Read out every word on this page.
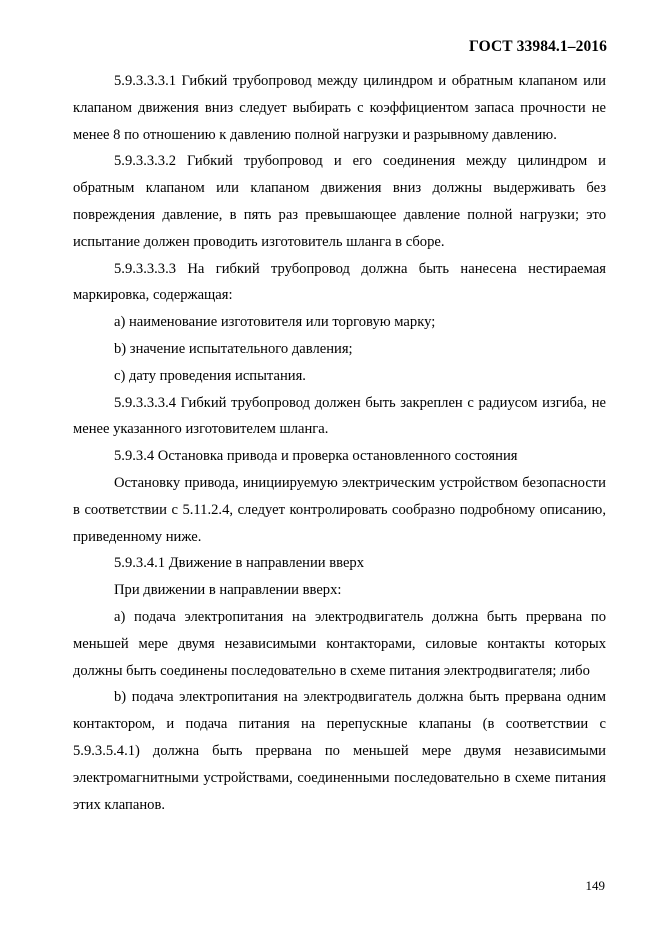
ГОСТ 33984.1–2016

5.9.3.3.3.1 Гибкий трубопровод между цилиндром и обратным клапаном или клапаном движения вниз следует выбирать с коэффициентом запаса прочности не менее 8 по отношению к давлению полной нагрузки и разрывному давлению.

5.9.3.3.3.2 Гибкий трубопровод и его соединения между цилиндром и обратным клапаном или клапаном движения вниз должны выдерживать без повреждения давление, в пять раз превышающее давление полной нагрузки; это испытание должен проводить изготовитель шланга в сборе.

5.9.3.3.3.3 На гибкий трубопровод должна быть нанесена нестираемая маркировка, содержащая:

а) наименование изготовителя или торговую марку;

b) значение испытательного давления;

с) дату проведения испытания.

5.9.3.3.3.4 Гибкий трубопровод должен быть закреплен с радиусом изгиба, не менее указанного изготовителем шланга.

5.9.3.4 Остановка привода и проверка остановленного состояния

Остановку привода, инициируемую электрическим устройством безопасности в соответствии с 5.11.2.4, следует контролировать сообразно подробному описанию, приведенному ниже.

5.9.3.4.1 Движение в направлении вверх

При движении в направлении вверх:

а) подача электропитания на электродвигатель должна быть прервана по меньшей мере двумя независимыми контакторами, силовые контакты которых должны быть соединены последовательно в схеме питания электродвигателя; либо

b) подача электропитания на электродвигатель должна быть прервана одним контактором, и подача питания на перепускные клапаны (в соответствии с 5.9.3.5.4.1) должна быть прервана по меньшей мере двумя независимыми электромагнитными устройствами, соединенными последовательно в схеме питания этих клапанов.

149
